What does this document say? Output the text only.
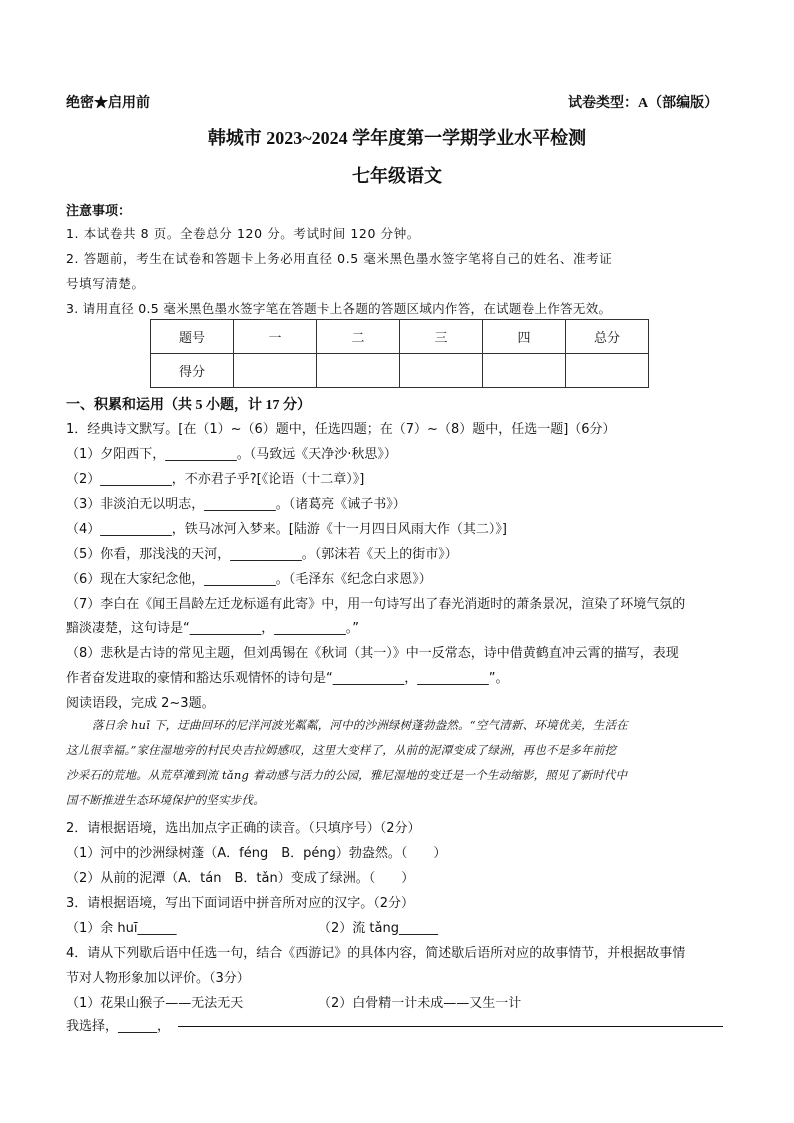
绝密★启用前	试卷类型：A（部编版）
韩城市 2023~2024 学年度第一学期学业水平检测
七年级语文
注意事项：
1. 本试卷共 8 页。全卷总分 120 分。考试时间 120 分钟。
2. 答题前，考生在试卷和答题卡上务必用直径 0.5 毫米黑色墨水签字笔将自己的姓名、准考证
号填写清楚。
3. 请用直径 0.5 毫米黑色墨水签字笔在答题卡上各题的答题区域内作答，在试题卷上作答无效。
题号	一	二	三	四	总分
得分					
一、积累和运用（共 5 小题，计 17 分）
1．经典诗文默写。[在（1）~（6）题中，任选四题；在（7）~（8）题中，任选一题]（6分）
（1）夕阳西下，___________。（马致远《天净沙·秋思》）
（2）___________，不亦君子乎?[《论语（十二章）》]
（3）非淡泊无以明志，___________。（诸葛亮《诫子书》）
（4）___________，铁马冰河入梦来。[陆游《十一月四日风雨大作（其二）》]
（5）你看，那浅浅的天河，___________。（郭沫若《天上的街市》）
（6）现在大家纪念他，___________。（毛泽东《纪念白求恩》）
（7）李白在《闻王昌龄左迁龙标遥有此寄》中，用一句诗写出了春光消逝时的萧条景况，渲染了环境气氛的
黯淡凄楚，这句诗是“___________，___________。”
（8）悲秋是古诗的常见主题，但刘禹锡在《秋词（其一）》中一反常态，诗中借黄鹤直冲云霄的描写，表现
作者奋发进取的豪情和豁达乐观情怀的诗句是“___________，___________”。
阅读语段，完成 2~3题。
落日余 huī 下，迂曲回环的尼洋河波光粼粼，河中的沙洲绿树蓬勃盎然。“空气清新、环境优美，生活在
这儿很幸福。”家住湿地旁的村民央吉拉姆感叹，这里大变样了，从前的泥潭变成了绿洲，再也不是多年前挖
沙采石的荒地。从荒草滩到流 tǎng 着动感与活力的公园，雅尼湿地的变迁是一个生动缩影，照见了新时代中
国不断推进生态环境保护的坚实步伐。
2．请根据语境，选出加点字正确的读音。（只填序号）（2分）
（1）河中的沙洲绿树蓬（A．féng　B．péng）勃盎然。（　　）
（2）从前的泥潭（A．tán　B．tǎn）变成了绿洲。（　　）
3．请根据语境，写出下面词语中拼音所对应的汉字。（2分）
（1）余 huī______	（2）流 tǎng______
4．请从下列歇后语中任选一句，结合《西游记》的具体内容，简述歇后语所对应的故事情节，并根据故事情
节对人物形象加以评价。（3分）
（1）花果山猴子——无法无天	（2）白骨精一计未成——又生一计
我选择，______，
